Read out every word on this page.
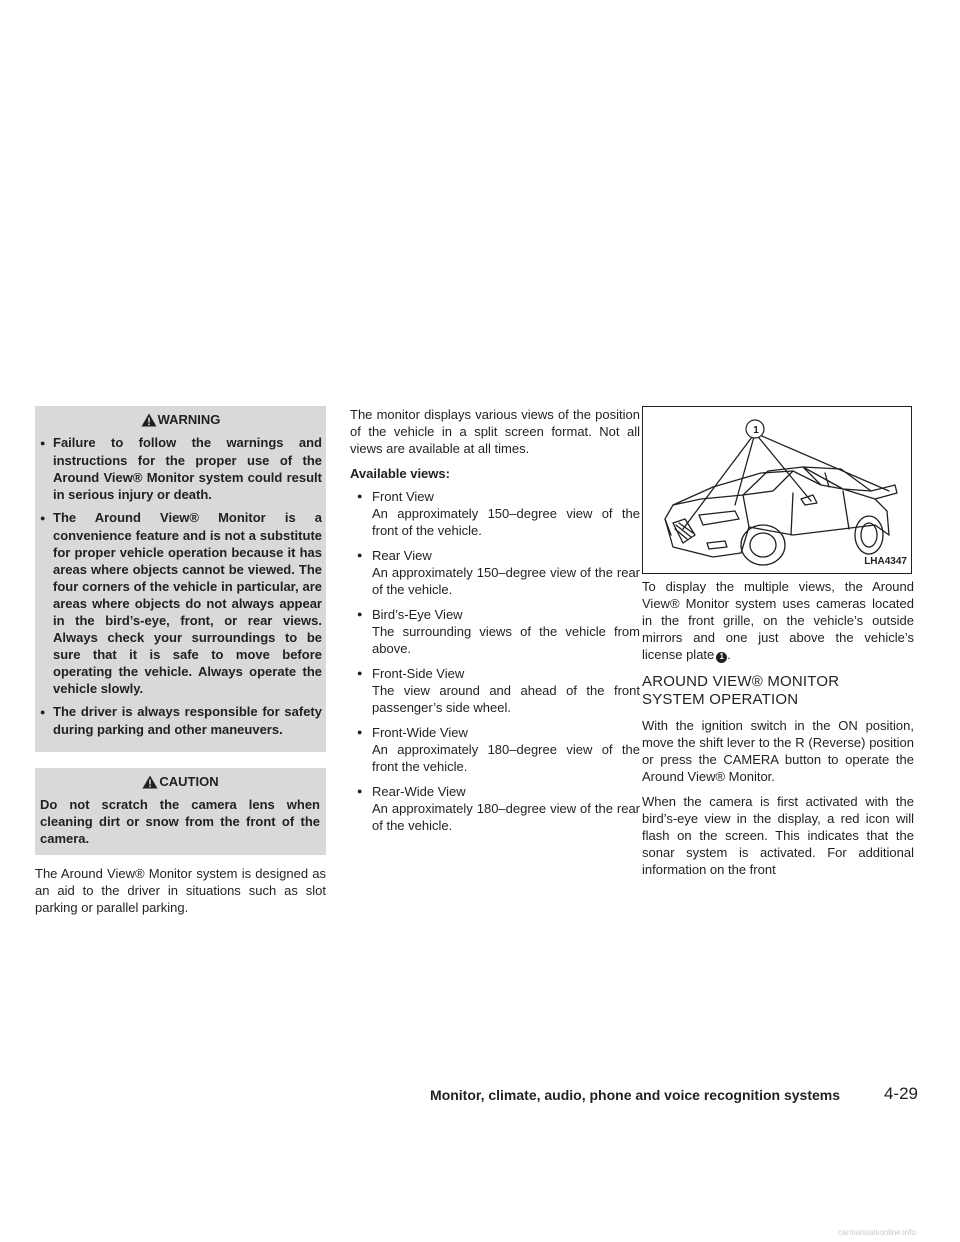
WARNING
● Failure to follow the warnings and instructions for the proper use of the Around View® Monitor system could result in serious injury or death.
● The Around View® Monitor is a convenience feature and is not a substitute for proper vehicle operation because it has areas where objects cannot be viewed. The four corners of the vehicle in particular, are areas where objects do not always appear in the bird’s-eye, front, or rear views. Always check your surroundings to be sure that it is safe to move before operating the vehicle. Always operate the vehicle slowly.
● The driver is always responsible for safety during parking and other maneuvers.
CAUTION

Do not scratch the camera lens when cleaning dirt or snow from the front of the camera.

The Around View® Monitor system is designed as an aid to the driver in situations such as slot parking or parallel parking.

The monitor displays various views of the position of the vehicle in a split screen format. Not all views are available at all times.

Available views:

● Front View
An approximately 150–degree view of the front of the vehicle.
● Rear View
An approximately 150–degree view of the rear of the vehicle.
● Bird’s-Eye View
The surrounding views of the vehicle from above.
● Front-Side View
The view around and ahead of the front passenger’s side wheel.
● Front-Wide View
An approximately 180–degree view of the front the vehicle.
● Rear-Wide View
An approximately 180–degree view of the rear of the vehicle.
1
LHA4347

To display the multiple views, the Around View® Monitor system uses cameras located in the front grille, on the vehicle’s outside mirrors and one just above the vehicle’s license plate 1 .

AROUND VIEW® MONITOR
SYSTEM OPERATION

With the ignition switch in the ON position, move the shift lever to the R (Reverse) position or press the CAMERA button to operate the Around View® Monitor.

When the camera is first activated with the bird’s-eye view in the display, a red icon will flash on the screen. This indicates that the sonar system is activated. For additional information on the front

Monitor, climate, audio, phone and voice recognition systems	4-29
carmanualsonline.info
